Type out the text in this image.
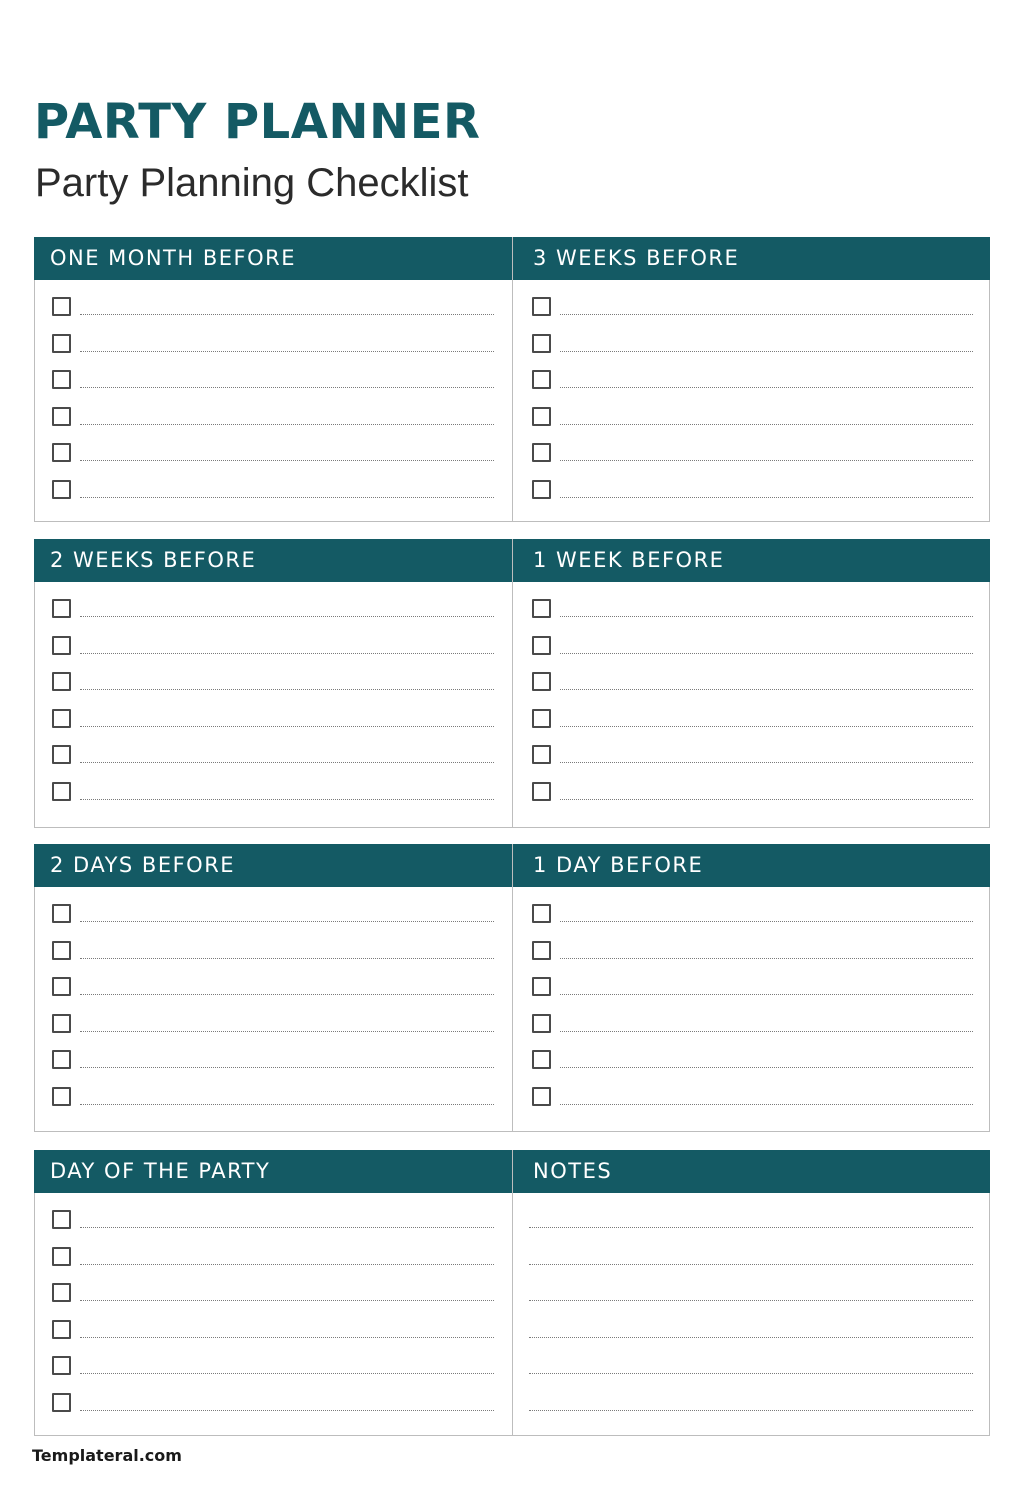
PARTY PLANNER
Party Planning Checklist
ONE MONTH BEFORE	3 WEEKS BEFORE
2 WEEKS BEFORE	1 WEEK BEFORE
2 DAYS BEFORE	1 DAY BEFORE
DAY OF THE PARTY	NOTES

Templateral.com
